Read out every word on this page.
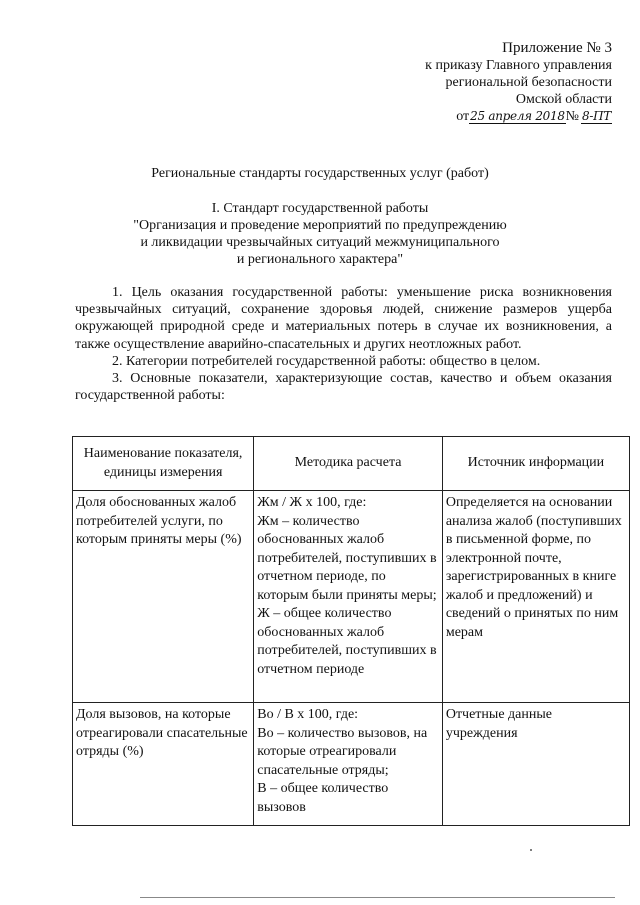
Приложение № 3
к приказу Главного управления
региональной безопасности
Омской области
от25 апреля 2018№ 8-ПТ
Региональные стандарты государственных услуг (работ)
I. Стандарт государственной работы
"Организация и проведение мероприятий по предупреждению
и ликвидации чрезвычайных ситуаций межмуниципального
и регионального характера"

1. Цель оказания государственной работы: уменьшение риска возникновения чрезвычайных ситуаций, сохранение здоровья людей, снижение размеров ущерба окружающей природной среде и материальных потерь в случае их возникновения, а также осуществление аварийно-спасательных и других неотложных работ.

2. Категории потребителей государственной работы: общество в целом.

3. Основные показатели, характеризующие состав, качество и объем оказания государственной работы:

Наименование показателя, единицы измерения	Методика расчета	Источник информации
Доля обоснованных жалоб потребителей услуги, по которым приняты меры (%)	Жм / Ж х 100, где:
Жм – количество обоснованных жалоб потребителей, поступивших в отчетном периоде, по которым были приняты меры;
Ж – общее количество обоснованных жалоб потребителей, поступивших в отчетном периоде	Определяется на основании анализа жалоб (поступивших в письменной форме, по электронной почте, зарегистрированных в книге жалоб и предложений) и сведений о принятых по ним мерам
Доля вызовов, на которые отреагировали спасательные отряды (%)	Во / В х 100, где:
Во – количество вызовов, на которые отреагировали спасательные отряды;
В – общее количество вызовов	Отчетные данные учреждения
